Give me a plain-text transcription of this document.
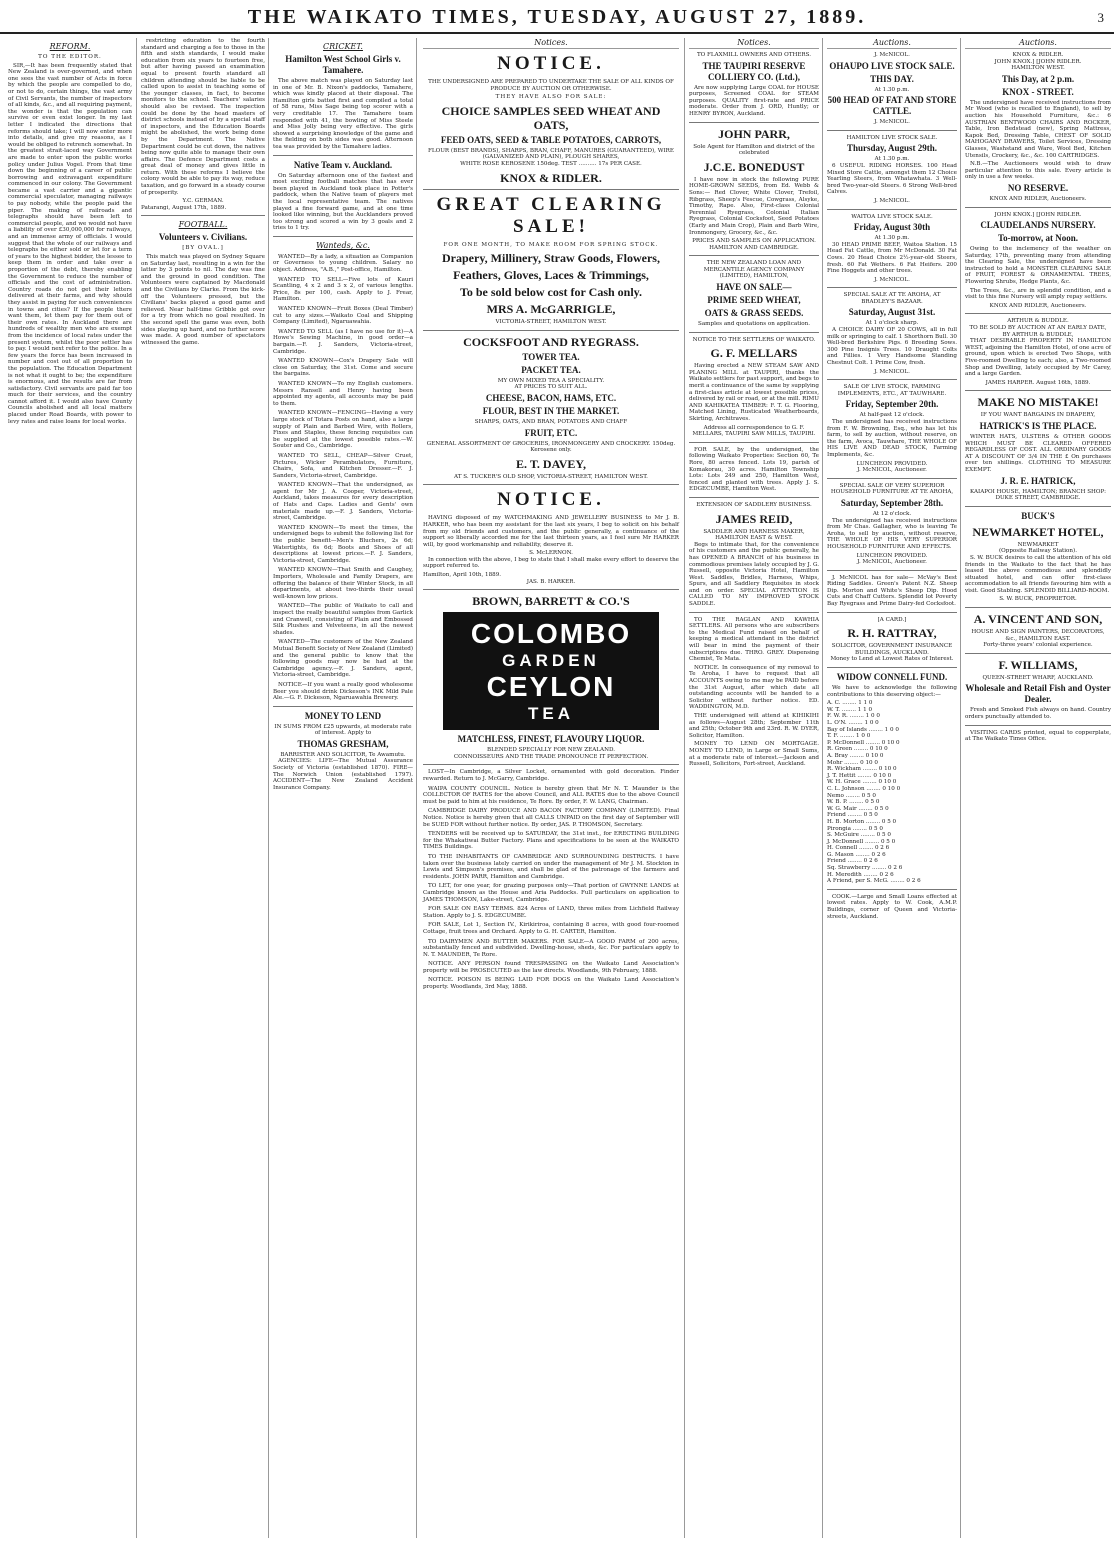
THE WAIKATO TIMES, TUESDAY, AUGUST 27, 1889.	3
REFORM.
TO THE EDITOR.

SIR,—It has been frequently stated that New Zealand is over-governed, and when one sees the vast number of Acts in force by which the people are compelled to do, or not to do, certain things, the vast army of Civil Servants, the number of inspectors of all kinds, &c., and all requiring payment, the wonder is that the population can survive or even exist longer. In my last letter I indicated the directions that reforms should take; I will now enter more into details, and give my reasons, as I would be obliged to retrench somewhat. In the greatest strait-laced way Government are made to enter upon the public works policy under Julius Vogel. From that time down the beginning of a career of public borrowing and extravagant expenditure commenced in our colony. The Government became a vast carrier and a gigantic commercial speculator, managing railways to pay nobody, while the people paid the piper. The making of railroads and telegraphs should have been left to commercial people, and we would not have a liability of over £30,000,000 for railways, and an immense army of officials. I would suggest that the whole of our railways and telegraphs be either sold or let for a term of years to the highest bidder, the lessee to keep them in order and take over a proportion of the debt, thereby enabling the Government to reduce the number of officials and the cost of administration. Country roads do not get their letters delivered at their farms, and why should they assist in paying for such conveniences in towns and cities? If the people there want them, let them pay for them out of their own rates. In Auckland there are hundreds of wealthy men who are exempt from the incidence of local rates under the present system, whilst the poor settler has to pay. I would next refer to the police. In a few years the force has been increased in number and cost out of all proportion to the population. The Education Department is not what it ought to be; the expenditure is enormous, and the results are far from satisfactory. Civil servants are paid far too much for their services, and the country cannot afford it. I would also have County Councils abolished and all local matters placed under Road Boards, with power to levy rates and raise loans for local works.

restricting education to the fourth standard and charging a fee to those in the fifth and sixth standards, I would make education from six years to fourteen free, but after having passed an examination equal to present fourth standard all children attending should be liable to be called upon to assist in teaching some of the younger classes, in fact, to become monitors to the school. Teachers' salaries should also be revised. The inspection could be done by the head masters of district schools instead of by a special staff of inspectors, and the Education Boards might be abolished, the work being done by the Department. The Native Department could be cut down, the natives being now quite able to manage their own affairs. The Defence Department costs a great deal of money and gives little in return. With these reforms I believe the colony would be able to pay its way, reduce taxation, and go forward in a steady course of prosperity.

Y.C. GERMAN.
Patarangi, August 17th, 1889.
FOOTBALL.
Volunteers v. Civilians.
[BY OVAL.]

This match was played on Sydney Square on Saturday last, resulting in a win for the latter by 3 points to nil. The day was fine and the ground in good condition. The Volunteers were captained by Macdonald and the Civilians by Clarke. From the kick-off the Volunteers pressed, but the Civilians' backs played a good game and relieved. Near half-time Gribble got over for a try from which no goal resulted. In the second spell the game was even, both sides playing up hard, and no further score was made. A good number of spectators witnessed the game.

CRICKET.
Hamilton West School Girls v. Tamahere.

The above match was played on Saturday last in one of Mr. B. Nixon's paddocks, Tamahere, which was kindly placed at their disposal. The Hamilton girls batted first and compiled a total of 58 runs, Miss Sage being top scorer with a very creditable 17. The Tamahere team responded with 41, the bowling of Miss Steele and Miss Jolly being very effective. The girls showed a surprising knowledge of the game and the fielding on both sides was good. Afternoon tea was provided by the Tamahere ladies.

Native Team v. Auckland.

On Saturday afternoon one of the fastest and most exciting football matches that has ever been played in Auckland took place in Potter's paddock, when the Native team of players met the local representative team. The natives played a fine forward game, and at one time looked like winning, but the Aucklanders proved too strong and scored a win by 3 goals and 2 tries to 1 try.

Wanteds, &c.

WANTED—By a lady, a situation as Companion or Governess to young children. Salary no object. Address, "A.B.," Post-office, Hamilton.

WANTED TO SELL—Five lots of Kauri Scantling, 4 x 2 and 3 x 2, of various lengths. Price, 8s per 100, cash. Apply to J. Frear, Hamilton.

WANTED KNOWN—Fruit Boxes (Deal Timber) cut to any sizes.—Waikato Coal and Shipping Company (Limited), Ngaruawahia.

WANTED TO SELL (as I have no use for it)—A Howe's Sewing Machine, in good order—a bargain.—F. J. Sanders, Victoria-street, Cambridge.

WANTED KNOWN—Cox's Drapery Sale will close on Saturday, the 31st. Come and secure the bargains.

WANTED KNOWN—To my English customers. Messrs Ransell and Henry having been appointed my agents, all accounts may be paid to them.

WANTED KNOWN—FENCING—Having a very large stock of Totara Posts on hand, also a large supply of Plain and Barbed Wire, with Rollers, Fixes and Staples, these fencing requisites can be supplied at the lowest possible rates.—W. Souter and Co., Cambridge.

WANTED TO SELL, CHEAP—Silver Cruet, Pictures, Wicker Perambulators, Furniture, Chairs, Sofa, and Kitchen Dresser.—F. J. Sanders, Victoria-street, Cambridge.

WANTED KNOWN—That the undersigned, as agent for Mr J. A. Cooper, Victoria-street, Auckland, takes measures for every description of Hats and Caps. Ladies and Gents' own materials made up.—F. J. Sanders, Victoria-street, Cambridge.

WANTED KNOWN—To meet the times, the undersigned begs to submit the following list for the public benefit—Men's Bluchers, 2s 6d; Watertights, 6s 6d; Boots and Shoes of all descriptions at lowest prices.—F. J. Sanders, Victoria-street, Cambridge.

WANTED KNOWN—That Smith and Caughey, Importers, Wholesale and Family Drapers, are offering the balance of their Winter Stock, in all departments, at about two-thirds their usual well-known low prices.

WANTED—The public of Waikato to call and inspect the really beautiful samples from Garlick and Cranwell, consisting of Plain and Embossed Silk Plushes and Velveteens, in all the newest shades.

WANTED—The customers of the New Zealand Mutual Benefit Society of New Zealand (Limited) and the general public to know that the following goods may now be had at the Cambridge agency.—F. J. Sanders, agent, Victoria-street, Cambridge.

NOTICE—If you want a really good wholesome Beer you should drink Dickeson's INK Mild Pale Ale.—G. F. Dickeson, Ngaruawahia Brewery.

MONEY TO LEND
IN SUMS FROM £25 upwards, at moderate rate of interest. Apply to
THOMAS GRESHAM,
BARRISTER AND SOLICITOR, Te Awamutu.

AGENCIES: LIFE—The Mutual Assurance Society of Victoria (established 1870). FIRE—The Norwich Union (established 1797). ACCIDENT—The New Zealand Accident Insurance Company.

Notices.
NOTICE.
THE UNDERSIGNED ARE PREPARED TO UNDERTAKE THE SALE OF ALL KINDS OF PRODUCE BY AUCTION OR OTHERWISE.
THEY HAVE ALSO FOR SALE:
CHOICE SAMPLES SEED WHEAT AND OATS,
FEED OATS, SEED & TABLE POTATOES, CARROTS,
FLOUR (BEST BRANDS), SHARPS, BRAN, CHAFF, MANURES (GUARANTEED), WIRE (GALVANIZED AND PLAIN), PLOUGH SHARES,
WHITE ROSE KEROSENE 150deg. TEST .......... 17s PER CASE.
KNOX & RIDLER.
GREAT CLEARING SALE!
FOR ONE MONTH, TO MAKE ROOM FOR SPRING STOCK.
Drapery, Millinery, Straw Goods, Flowers,
Feathers, Gloves, Laces & Trimmings,
To be sold below cost for Cash only.
MRS A. McGARRIGLE,
VICTORIA-STREET, HAMILTON WEST.
COCKSFOOT AND RYEGRASS.
TOWER TEA.
PACKET TEA.
MY OWN MIXED TEA A SPECIALITY.
AT PRICES TO SUIT ALL.
CHEESE, BACON, HAMS, ETC.
FLOUR, BEST IN THE MARKET.
SHARPS, OATS, AND BRAN, POTATOES AND CHAFF
FRUIT, ETC.
GENERAL ASSORTMENT OF GROCERIES, IRONMONGERY AND CROCKERY. 150deg. Kerosene only.
E. T. DAVEY,
AT S. TUCKER'S OLD SHOP, VICTORIA-STREET, HAMILTON WEST.
NOTICE.

HAVING disposed of my WATCHMAKING AND JEWELLERY BUSINESS to Mr J. B. HARKER, who has been my assistant for the last six years, I beg to solicit on his behalf from my old friends and customers, and the public generally, a continuance of the support so liberally accorded me for the last thirteen years, as I feel sure Mr HARKER will, by good workmanship and reliability, deserve it.

S. McLERNON.

In connection with the above, I beg to state that I shall make every effort to deserve the support referred to.

Hamilton, April 10th, 1889.
JAS. B. HARKER.
BROWN, BARRETT & CO.'S
COLOMBO
GARDEN
CEYLON
TEA
MATCHLESS, FINEST, FLAVOURY LIQUOR.
BLENDED SPECIALLY FOR NEW ZEALAND.
CONNOISSEURS AND THE TRADE PRONOUNCE IT PERFECTION.

LOST—In Cambridge, a Silver Locket, ornamented with gold decoration. Finder rewarded. Return to J. McGarry, Cambridge.

WAIPA COUNTY COUNCIL. Notice is hereby given that Mr N. T. Maunder is the COLLECTOR OF RATES for the above Council, and ALL RATES due to the above Council must be paid to him at his residence, Te Rore. By order, F. W. LANG, Chairman.

CAMBRIDGE DAIRY PRODUCE AND BACON FACTORY COMPANY (LIMITED). Final Notice. Notice is hereby given that all CALLS UNPAID on the first day of September will be SUED FOR without further notice. By order, JAS. P. THOMSON, Secretary.

TENDERS will be received up to SATURDAY, the 31st inst., for ERECTING BUILDING for the Whakatiwai Butter Factory. Plans and specifications to be seen at the WAIKATO TIMES Buildings.

TO THE INHABITANTS OF CAMBRIDGE AND SURROUNDING DISTRICTS. I have taken over the business lately carried on under the management of Mr J. M. Stockton in Lewis and Simpson's premises, and shall be glad of the patronage of the farmers and residents. JOHN PARR, Hamilton and Cambridge.

TO LET, for one year, for grazing purposes only—That portion of GWYNNE LANDS at Cambridge known as the House and Aria Paddocks. Full particulars on application to JAMES THOMSON, Lake-street, Cambridge.

FOR SALE ON EASY TERMS. 824 Acres of LAND, three miles from Lichfield Railway Station. Apply to J. S. EDGECUMBE.

FOR SALE, Lot 1, Section IV., Kirikiriroa, containing 8 acres, with good four-roomed Cottage, fruit trees and Orchard. Apply to G. H. CARTER, Hamilton.

TO DAIRYMEN AND BUTTER MAKERS. FOR SALE—A GOOD FARM of 200 acres, substantially fenced and subdivided. Dwelling-house, sheds, &c. For particulars apply to N. T. MAUNDER, Te Rore.

NOTICE. ANY PERSON found TRESPASSING on the Waikato Land Association's property will be PROSECUTED as the law directs. Woodlands, 9th February, 1888.

NOTICE. POISON IS BEING LAID FOR DOGS on the Waikato Land Association's property. Woodlands, 3rd May, 1888.

Notices.
TO FLAXMILL OWNERS AND OTHERS.
THE TAUPIRI RESERVE COLLIERY CO. (Ltd.),

Are now supplying Large COAL for HOUSE purposes, Screened COAL for STEAM purposes. QUALITY first-rate and PRICE moderate. Order from J. ORD, Huntly; or HENRY BYRON, Auckland.

JOHN PARR,
Sole Agent for Hamilton and district of the celebrated
J.C.E. BONEDUST

I have now in stock the following PURE HOME-GROWN SEEDS, from Ed. Webb & Sons:— Red Clover, White Clover, Trefoil, Ribgrass, Sheep's Fescue, Cowgrass, Alsyke, Timothy, Rape. Also, First-class Colonial Perennial Ryegrass, Colonial Italian Ryegrass, Colonial Cocksfoot, Seed Potatoes (Early and Main Crop), Plain and Barb Wire, Ironmongery, Grocery, &c., &c.

PRICES AND SAMPLES ON APPLICATION.
HAMILTON AND CAMBRIDGE.
THE NEW ZEALAND LOAN AND MERCANTILE AGENCY COMPANY (LIMITED), HAMILTON,
HAVE ON SALE—
PRIME SEED WHEAT,
OATS & GRASS SEEDS.
Samples and quotations on application.
NOTICE TO THE SETTLERS OF WAIKATO.
G. F. MELLARS

Having erected a NEW STEAM SAW AND PLANING MILL at TAUPIRI, thanks the Waikato settlers for past support, and begs to merit a continuance of the same by supplying a first-class article at lowest possible prices, delivered by rail or road, or at the mill. RIMU AND KAHIKATEA TIMBER: F. T. G. Flooring, Matched Lining, Rusticated Weatherboards, Skirting, Architraves.

Address all correspondence to G. F. MELLARS, TAUPIRI SAW MILLS, TAUPIRI.

FOR SALE, by the undersigned, the following Waikato Properties: Section 60, Te Rore, 80 acres fenced. Lots 19, parish of Komakorau, 30 acres. Hamilton Township Lots: Lots 249 and 250, Hamilton West, fenced and planted with trees. Apply J. S. EDGECUMBE, Hamilton West.

EXTENSION OF SADDLERY BUSINESS.
JAMES REID,
SADDLER AND HARNESS MAKER, HAMILTON EAST & WEST.

Begs to intimate that, for the convenience of his customers and the public generally, he has OPENED A BRANCH of his business in commodious premises lately occupied by J. G. Russell, opposite Victoria Hotel, Hamilton West. Saddles, Bridles, Harness, Whips, Spurs, and all Saddlery Requisites in stock and on order. SPECIAL ATTENTION IS CALLED TO MY IMPROVED STOCK SADDLE.

TO THE RAGLAN AND KAWHIA SETTLERS. All persons who are subscribers to the Medical Fund raised on behalf of keeping a medical attendant in the district will bear in mind the payment of their subscriptions due. THRO. GREY. Dispensing Chemist, Te Mata.

NOTICE. In consequence of my removal to Te Aroha, I have to request that all ACCOUNTS owing to me may be PAID before the 31st August, after which date all outstanding accounts will be handed to a Solicitor without further notice. ED. WADDINGTON, M.D.

THE undersigned will attend at KIHIKIHI as follows—August 28th; September 11th and 25th; October 9th and 23rd. R. W. DYER, Solicitor, Hamilton.

MONEY TO LEND ON MORTGAGE. MONEY TO LEND, in Large or Small Sums, at a moderate rate of interest.—Jackson and Russell, Solicitors, Fort-street, Auckland.

Auctions.
J. McNICOL.
OHAUPO LIVE STOCK SALE.
THIS DAY.
At 1.30 p.m.
500 HEAD OF FAT AND STORE CATTLE.
J. McNICOL.
HAMILTON LIVE STOCK SALE.
Thursday, August 29th.
At 1.30 p.m.

6 USEFUL RIDING HORSES. 100 Head Mixed Store Cattle, amongst them 12 Choice Yearling Steers, from Whatawhata. 3 Well-bred Two-year-old Steers. 6 Strong Well-bred Calves.

J. McNICOL.
WAITOA LIVE STOCK SALE.
Friday, August 30th
At 1.30 p.m.

30 HEAD PRIME BEEF, Waitoa Station. 15 Head Fat Cattle, from Mr McDonald. 30 Fat Cows. 20 Head Choice 2½-year-old Steers, fresh. 60 Fat Wethers. 6 Fat Heifers. 200 Fine Hoggets and other trees.

J. McNICOL.
SPECIAL SALE AT TE AROHA, AT BRADLEY'S BAZAAR.
Saturday, August 31st.
At 1 o'clock sharp.

A CHOICE DAIRY OF 20 COWS, all in full milk or springing to calf. 1 Shorthorn Bull. 30 Well-bred Berkshire Pigs. 6 Breeding Sows. 300 Pine Insignis Trees. 10 Draught Colts and Fillies. 1 Very Handsome Standing Chestnut Colt. 1 Prime Cow, fresh.

J. McNICOL.
SALE OF LIVE STOCK, FARMING IMPLEMENTS, ETC., AT TAUWHARE.
Friday, September 20th.
At half-past 12 o'clock.

The undersigned has received instructions from F. W. Browning, Esq., who has let his farm, to sell by auction, without reserve, on the farm, Avoca, Tauwhare, THE WHOLE OF HIS LIVE AND DEAD STOCK, Farming Implements, &c.

LUNCHEON PROVIDED.
J. McNICOL, Auctioneer.
SPECIAL SALE OF VERY SUPERIOR HOUSEHOLD FURNITURE AT TE AROHA,
Saturday, September 28th.
At 12 o'clock.

The undersigned has received instructions from Mr Chas. Gallagher, who is leaving Te Aroha, to sell by auction, without reserve, THE WHOLE OF HIS VERY SUPERIOR HOUSEHOLD FURNITURE AND EFFECTS.

LUNCHEON PROVIDED.
J. McNICOL, Auctioneer.

J. McNICOL has for sale— McVay's Best Riding Saddles. Green's Patent N.Z. Sheep Dip. Morton and White's Sheep Dip. Hood Cuts and Chaff Cutters. Splendid lot Poverty Bay Ryegrass and Prime Dairy-fed Cocksfoot.

[A CARD.]
R. H. RATTRAY,
SOLICITOR, GOVERNMENT INSURANCE BUILDINGS, AUCKLAND.
Money to Lend at Lowest Rates of Interest.
WIDOW CONNELL FUND.

We have to acknowledge the following contributions to this deserving object:—

A. C. ........ 1 1 0
W. T. ........ 1 1 0
F. W. R. ........ 1 0 0
L. O'N. ........ 1 0 0
Bay of Islands ........ 1 0 0
T. F. ........ 1 0 0
P. McDonnell ........ 0 10 0
R. Green ........ 0 10 0
A. Bray ........ 0 10 0
Mohr ........ 0 10 0
R. Wickham ........ 0 10 0
J. T. Hettit ........ 0 10 0
W. H. Grace ........ 0 10 0
C. L. Johnson ........ 0 10 0
Nemo ........ 0 5 0
W. B. P. ........ 0 5 0
W. G. Mair ........ 0 5 0
Friend ........ 0 5 0
H. B. Morton ........ 0 5 0
Pirongia ........ 0 5 0
S. McGuire ........ 0 5 0
J. McDonnell ........ 0 5 0
H. Connell ........ 0 2 6
G. Mason ........ 0 2 6
Friend ........ 0 2 6
Sq. Strawberry ........ 0 2 6
H. Meredith ........ 0 2 6
A Friend, per S. McG. ........ 0 2 6

COOK.—Large and Small Loans effected at lowest rates. Apply to W. Cook, A.M.P. Buildings, corner of Queen and Victoria-streets, Auckland.

Auctions.
KNOX & RIDLER.
JOHN KNOX.] [JOHN RIDLER.
HAMILTON WEST.
This Day, at 2 p.m.
KNOX - STREET.

The undersigned have received instructions from Mr Wood (who is recalled to England), to sell by auction his Household Furniture, &c.: 6 AUSTRIAN BENTWOOD CHAIRS AND ROCKER, Table, Iron Bedstead (new), Spring Mattress, Kapok Bed, Dressing Table, CHEST OF SOLID MAHOGANY DRAWERS, Toilet Services, Dressing Glasses, Washstand and Ware, Wool Bed, Kitchen Utensils, Crockery, &c., &c. 100 CARTRIDGES.

N.B.—The Auctioneers would wish to draw particular attention to this sale. Every article is only in use a few weeks.

NO RESERVE.
KNOX AND RIDLER, Auctioneers.
JOHN KNOX.] [JOHN RIDLER.
CLAUDELANDS NURSERY.
To-morrow, at Noon.

Owing to the inclemency of the weather on Saturday, 17th, preventing many from attending the Clearing Sale, the undersigned have been instructed to hold a MONSTER CLEARING SALE of FRUIT, FOREST & ORNAMENTAL TREES, Flowering Shrubs, Hedge Plants, &c.

The Trees, &c., are in splendid condition, and a visit to this fine Nursery will amply repay settlers.

KNOX AND RIDLER, Auctioneers.
ARTHUR & BUDDLE.
TO BE SOLD BY AUCTION AT AN EARLY DATE, BY ARTHUR & BUDDLE,

THAT DESIRABLE PROPERTY IN HAMILTON WEST, adjoining the Hamilton Hotel, of one acre of ground, upon which is erected Two Shops, with Five-roomed Dwelling to each; also, a Two-roomed Shop and Dwelling, lately occupied by Mr Carey, and a large Garden.

JAMES HARPER. August 16th, 1889.
MAKE NO MISTAKE!
IF YOU WANT BARGAINS IN DRAPERY,
HATRICK'S IS THE PLACE.

WINTER HATS, ULSTERS & OTHER GOODS WHICH MUST BE CLEARED OFFERED REGARDLESS OF COST. ALL ORDINARY GOODS AT A DISCOUNT OF 3/4 IN THE £ On purchases over ten shillings. CLOTHING TO MEASURE EXEMPT.

J. R. E. HATRICK,
KAIAPOI HOUSE, HAMILTON; BRANCH SHOP: DUKE STREET, CAMBRIDGE.
BUCK'S
NEWMARKET HOTEL,
NEWMARKET
(Opposite Railway Station).

S. W. BUCK desires to call the attention of his old friends in the Waikato to the fact that he has leased the above commodious and splendidly situated hotel, and can offer first-class accommodation to all friends favouring him with a visit. Good Stabling. SPLENDID BILLIARD-ROOM.

S. W. BUCK, PROPRIETOR.
A. VINCENT AND SON,
HOUSE AND SIGN PAINTERS, DECORATORS, &c., HAMILTON EAST.
Forty-three years' colonial experience.
F. WILLIAMS,
QUEEN-STREET WHARF, AUCKLAND.
Wholesale and Retail Fish and Oyster Dealer.

Fresh and Smoked Fish always on hand. Country orders punctually attended to.

VISITING CARDS printed, equal to copperplate, at The Waikato Times Office.
